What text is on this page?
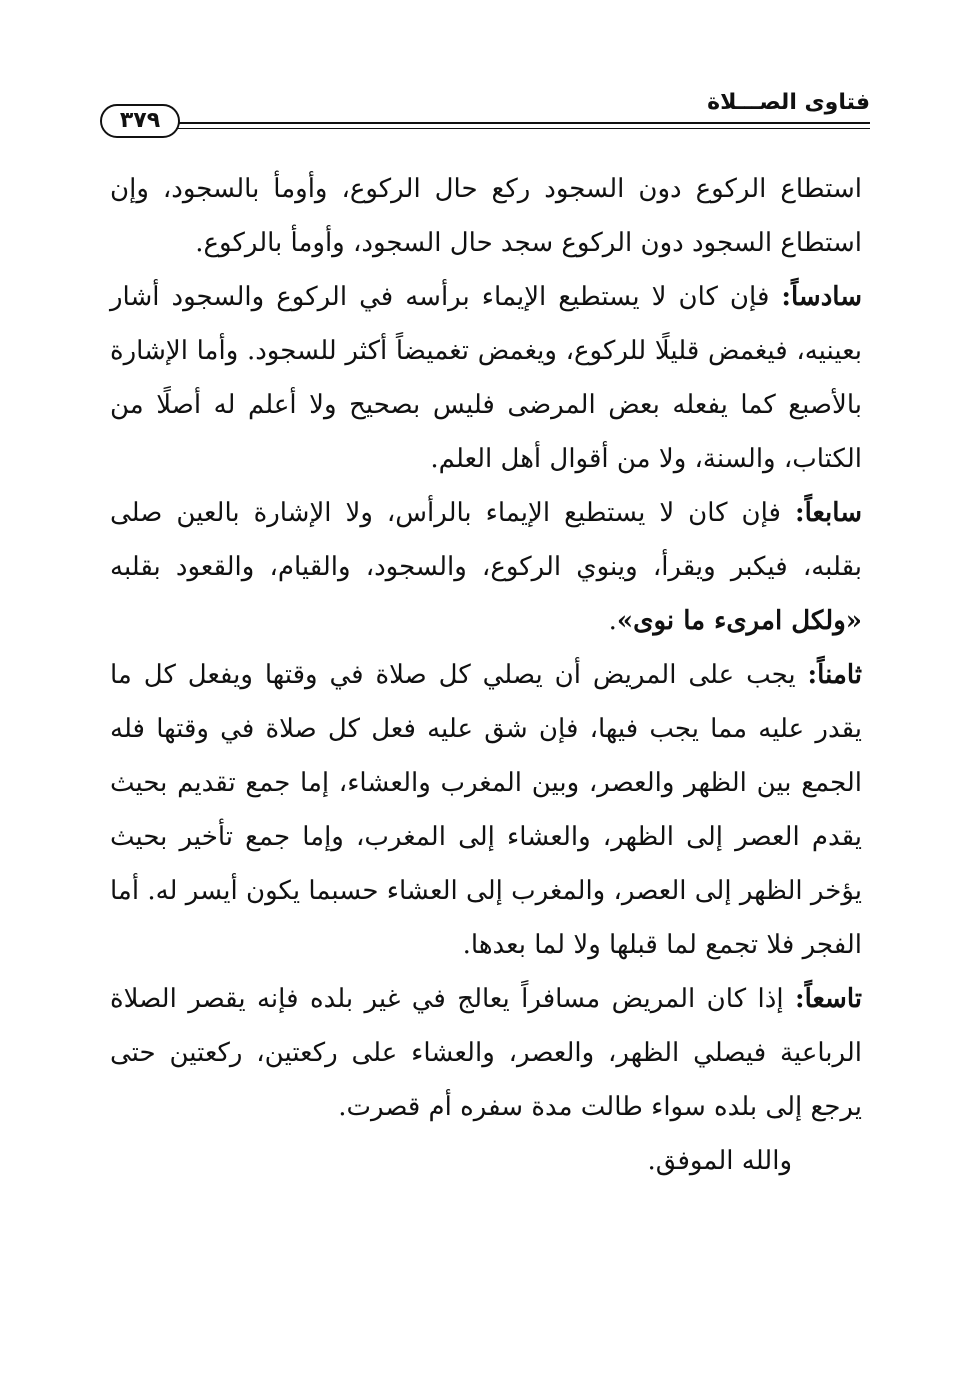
فتاوى الصـــلاة
٣٧٩

استطاع الركوع دون السجود ركع حال الركوع، وأومأ بالسجود، وإن استطاع السجود دون الركوع سجد حال السجود، وأومأ بالركوع.

سادساً: فإن كان لا يستطيع الإيماء برأسه في الركوع والسجود أشار بعينيه، فيغمض قليلًا للركوع، ويغمض تغميضاً أكثر للسجود. وأما الإشارة بالأصبع كما يفعله بعض المرضى فليس بصحيح ولا أعلم له أصلًا من الكتاب، والسنة، ولا من أقوال أهل العلم.

سابعاً: فإن كان لا يستطيع الإيماء بالرأس، ولا الإشارة بالعين صلى بقلبه، فيكبر ويقرأ، وينوي الركوع، والسجود، والقيام، والقعود بقلبه «ولكل امرىء ما نوى».

ثامناً: يجب على المريض أن يصلي كل صلاة في وقتها ويفعل كل ما يقدر عليه مما يجب فيها، فإن شق عليه فعل كل صلاة في وقتها فله الجمع بين الظهر والعصر، وبين المغرب والعشاء، إما جمع تقديم بحيث يقدم العصر إلى الظهر، والعشاء إلى المغرب، وإما جمع تأخير بحيث يؤخر الظهر إلى العصر، والمغرب إلى العشاء حسبما يكون أيسر له. أما الفجر فلا تجمع لما قبلها ولا لما بعدها.

تاسعاً: إذا كان المريض مسافراً يعالج في غير بلده فإنه يقصر الصلاة الرباعية فيصلي الظهر، والعصر، والعشاء على ركعتين، ركعتين حتى يرجع إلى بلده سواء طالت مدة سفره أم قصرت.

والله الموفق.
